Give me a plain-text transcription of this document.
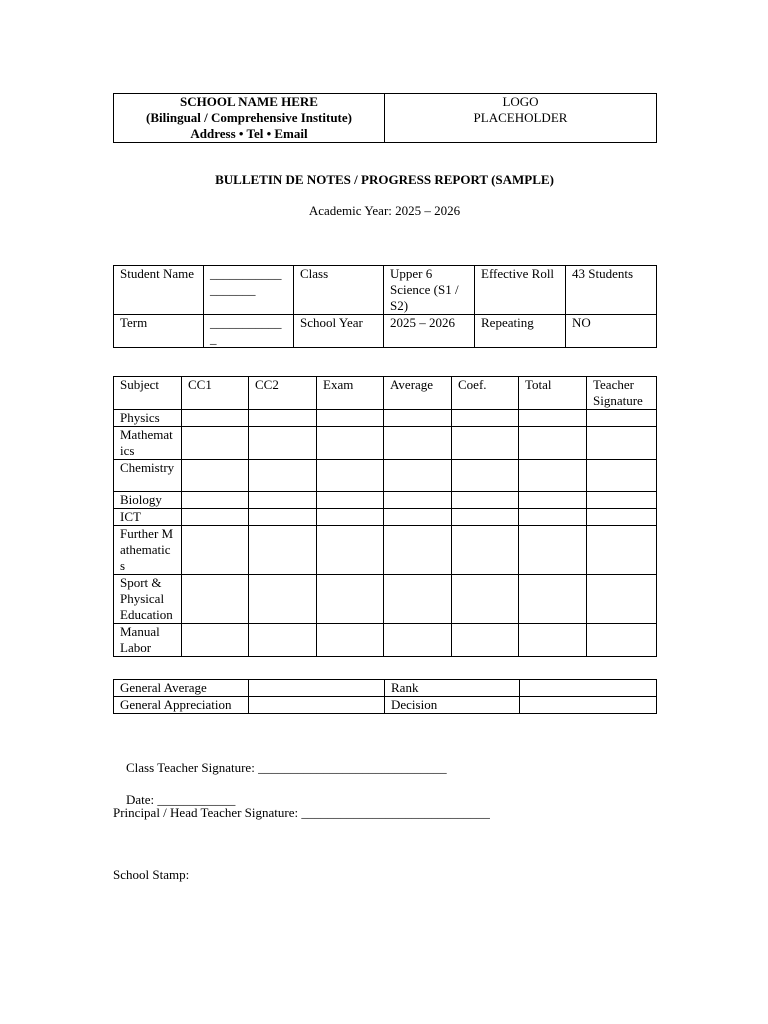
SCHOOL NAME HERE
(Bilingual / Comprehensive Institute)
Address • Tel • Email

LOGO
PLACEHOLDER
BULLETIN DE NOTES / PROGRESS REPORT (SAMPLE)
Academic Year: 2025 – 2026
Student Name	___________ _______	Class	Upper 6 Science (S1 / S2)	Effective Roll	43 Students
Term	___________ _	School Year	2025 – 2026	Repeating	NO
Subject	CC1	CC2	Exam	Average	Coef.	Total	Teacher Signature
Physics							
Mathematics							
Chemistry							
Biology							
ICT							
Further Mathematics							
Sport & Physical Education							
Manual Labor							
General Average		Rank	
General Appreciation		Decision	

Class Teacher Signature: _____________________________

Date: ____________

Principal / Head Teacher Signature: _____________________________
School Stamp:
